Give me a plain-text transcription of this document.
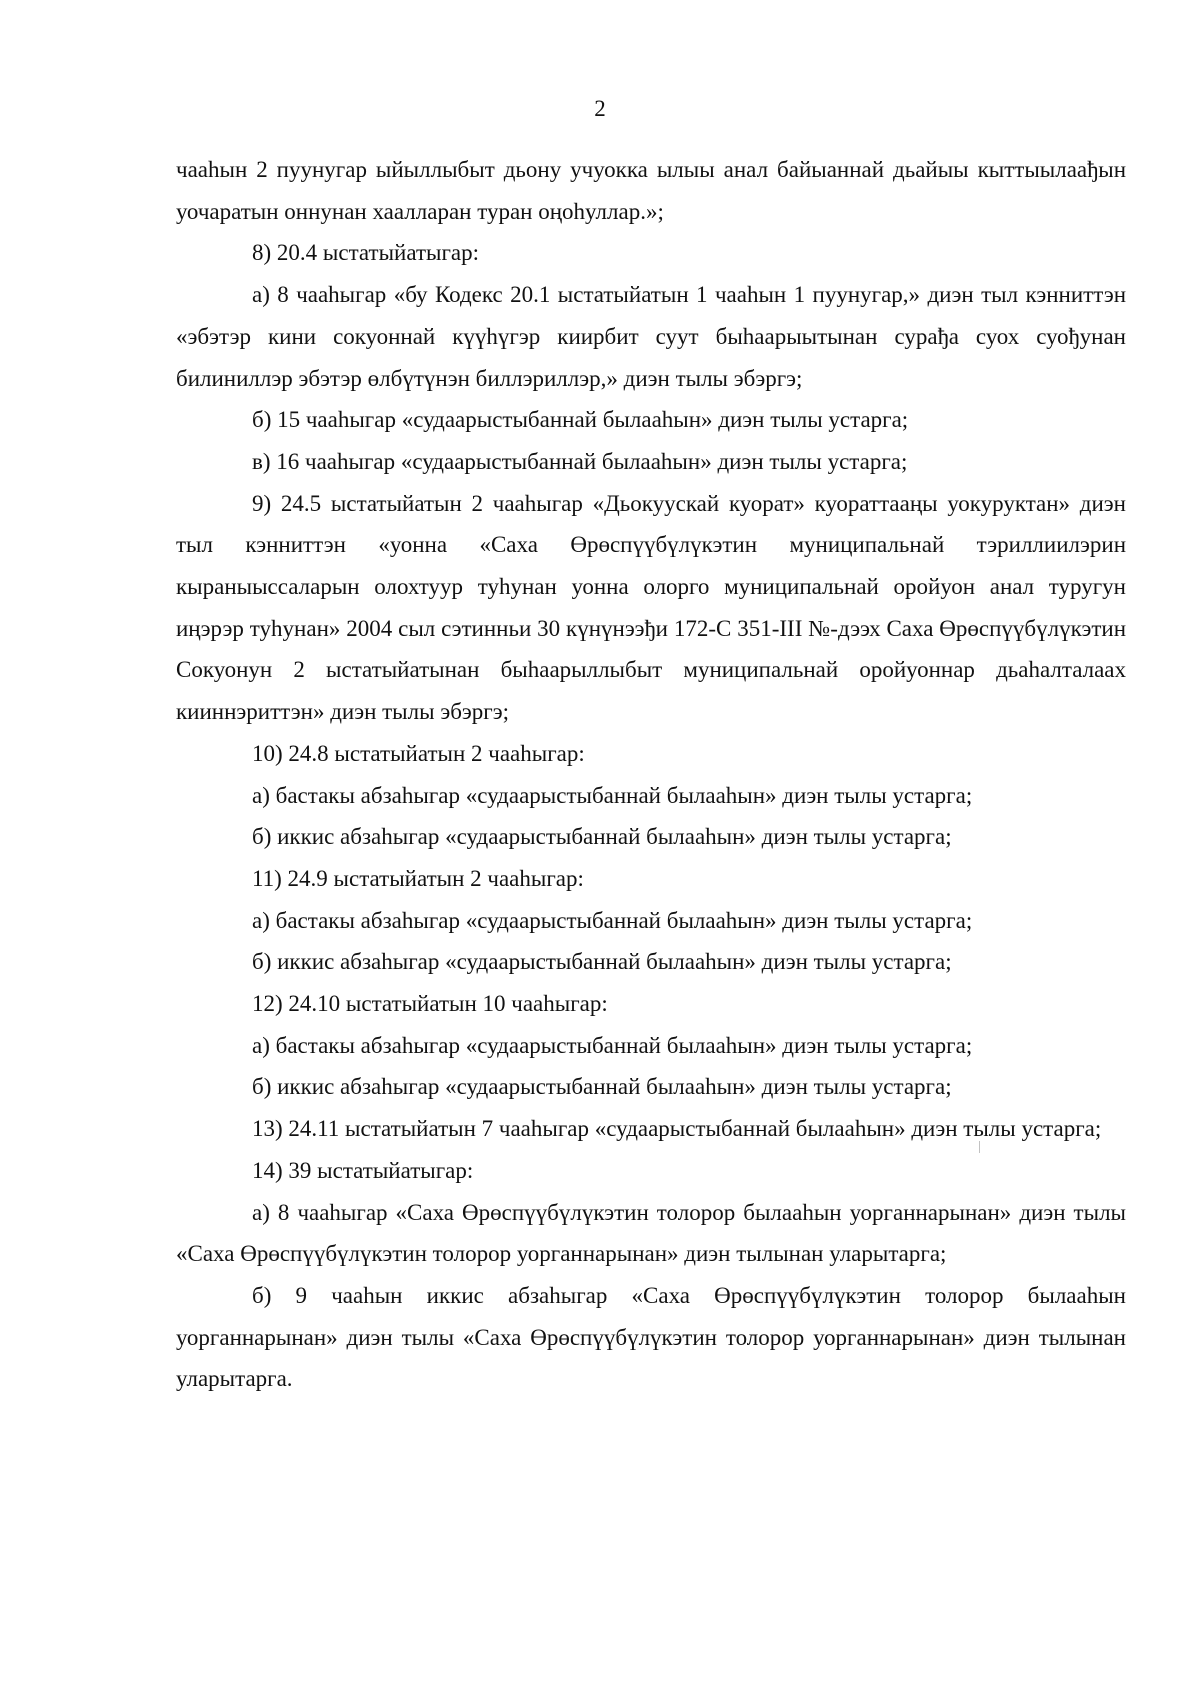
2

чааһын 2 пуунугар ыйыллыбыт дьону учуокка ылыы анал байыаннай дьайыы кыттыылаађын уочаратын оннунан хаалларан туран оңоһуллар.»;

8) 20.4 ыстатыйатыгар:

а) 8 чааһыгар «бу Кодекс 20.1 ыстатыйатын 1 чааһын 1 пуунугар,» диэн тыл кэнниттэн «эбэтэр кини сокуоннай күүһүгэр киирбит суут быһаарыытынан сурађа суох суођунан билиниллэр эбэтэр өлбүтүнэн биллэриллэр,» диэн тылы эбэргэ;

б) 15 чааһыгар «судаарыстыбаннай былааһын» диэн тылы устарга;

в) 16 чааһыгар «судаарыстыбаннай былааһын» диэн тылы устарга;

9) 24.5 ыстатыйатын 2 чааһыгар «Дьокуускай куорат» куораттааңы уокуруктан» диэн тыл кэнниттэн «уонна «Саха Өрөспүүбүлүкэтин муниципальнай тэриллиилэрин кыраныыссаларын олохтуур туһунан уонна олорго муниципальнай оройуон анал туругун иңэрэр туһунан» 2004 сыл сэтинньи 30 күнүнээђи 172-С 351-III №-дээх Саха Өрөспүүбүлүкэтин Сокуонун 2 ыстатыйатынан быһаарыллыбыт муниципальнай оройуоннар дьаһалталаах кииннэриттэн» диэн тылы эбэргэ;

10) 24.8 ыстатыйатын 2 чааһыгар:

а) бастакы абзаһыгар «судаарыстыбаннай былааһын» диэн тылы устарга;

б) иккис абзаһыгар «судаарыстыбаннай былааһын» диэн тылы устарга;

11) 24.9 ыстатыйатын 2 чааһыгар:

а) бастакы абзаһыгар «судаарыстыбаннай былааһын» диэн тылы устарга;

б) иккис абзаһыгар «судаарыстыбаннай былааһын» диэн тылы устарга;

12) 24.10 ыстатыйатын 10 чааһыгар:

а) бастакы абзаһыгар «судаарыстыбаннай былааһын» диэн тылы устарга;

б) иккис абзаһыгар «судаарыстыбаннай былааһын» диэн тылы устарга;

13) 24.11 ыстатыйатын 7 чааһыгар «судаарыстыбаннай былааһын» диэн тылы устарга;

14) 39 ыстатыйатыгар:

а) 8 чааһыгар «Саха Өрөспүүбүлүкэтин толорор былааһын уорганнарынан» диэн тылы «Саха Өрөспүүбүлүкэтин толорор уорганнарынан» диэн тылынан уларытарга;

б) 9 чааһын иккис абзаһыгар «Саха Өрөспүүбүлүкэтин толорор былааһын уорганнарынан» диэн тылы «Саха Өрөспүүбүлүкэтин толорор уорганнарынан» диэн тылынан уларытарга.
